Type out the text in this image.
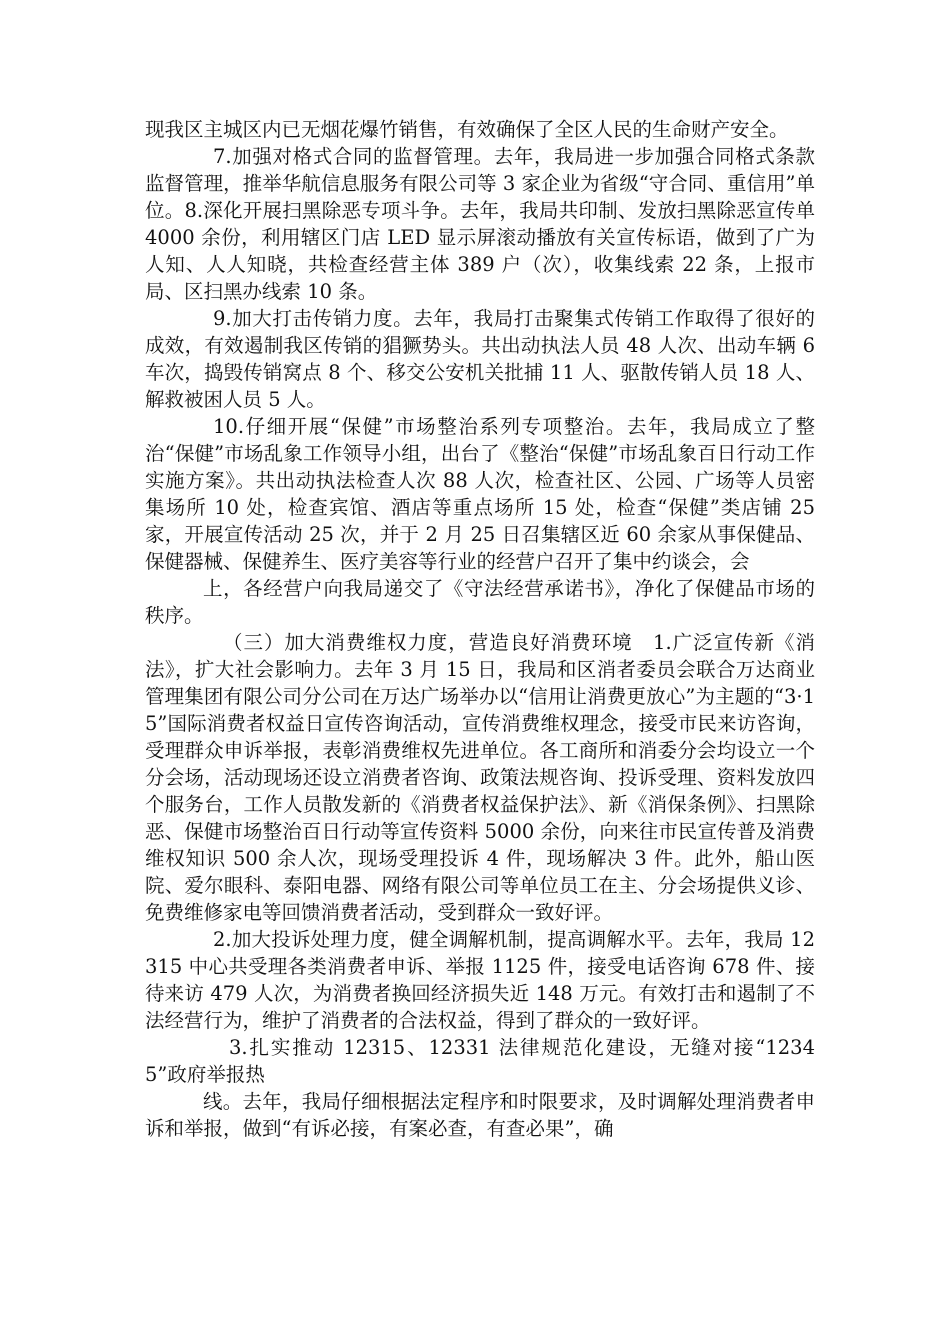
现我区主城区内已无烟花爆竹销售，有效确保了全区人民的生命财产安全。

7.加强对格式合同的监督管理。去年，我局进一步加强合同格式条款监督管理，推举华航信息服务有限公司等 3 家企业为省级“守合同、重信用”单位。8.深化开展扫黑除恶专项斗争。去年，我局共印制、发放扫黑除恶宣传单 4000 余份，利用辖区门店 LED 显示屏滚动播放有关宣传标语，做到了广为人知、人人知晓，共检查经营主体 389 户（次），收集线索 22 条，上报市局、区扫黑办线索 10 条。

9.加大打击传销力度。去年，我局打击聚集式传销工作取得了很好的成效，有效遏制我区传销的猖獗势头。共出动执法人员 48 人次、出动车辆 6 车次，捣毁传销窝点 8 个、移交公安机关批捕 11 人、驱散传销人员 18 人、解救被困人员 5 人。

10.仔细开展“保健”市场整治系列专项整治。去年，我局成立了整治“保健”市场乱象工作领导小组，出台了《整治“保健”市场乱象百日行动工作实施方案》。共出动执法检查人次 88 人次，检查社区、公园、广场等人员密集场所 10 处，检查宾馆、酒店等重点场所 15 处，检查“保健”类店铺 25 家，开展宣传活动 25 次，并于 2 月 25 日召集辖区近 60 余家从事保健品、保健器械、保健养生、医疗美容等行业的经营户召开了集中约谈会，会

上，各经营户向我局递交了《守法经营承诺书》，净化了保健品市场的秩序。

（三）加大消费维权力度，营造良好消费环境　1.广泛宣传新《消法》，扩大社会影响力。去年 3 月 15 日，我局和区消者委员会联合万达商业管理集团有限公司分公司在万达广场举办以“信用让消费更放心”为主题的“3·15”国际消费者权益日宣传咨询活动，宣传消费维权理念，接受市民来访咨询，受理群众申诉举报，表彰消费维权先进单位。各工商所和消委分会均设立一个分会场，活动现场还设立消费者咨询、政策法规咨询、投诉受理、资料发放四个服务台，工作人员散发新的《消费者权益保护法》、新《消保条例》、扫黑除恶、保健市场整治百日行动等宣传资料 5000 余份，向来往市民宣传普及消费维权知识 500 余人次，现场受理投诉 4 件，现场解决 3 件。此外，船山医院、爱尔眼科、泰阳电器、网络有限公司等单位员工在主、分会场提供义诊、免费维修家电等回馈消费者活动，受到群众一致好评。

2.加大投诉处理力度，健全调解机制，提高调解水平。去年，我局 12315 中心共受理各类消费者申诉、举报 1125 件，接受电话咨询 678 件、接待来访 479 人次，为消费者换回经济损失近 148 万元。有效打击和遏制了不法经营行为，维护了消费者的合法权益，得到了群众的一致好评。

3.扎实推动 12315、12331 法律规范化建设，无缝对接“12345”政府举报热

线。去年，我局仔细根据法定程序和时限要求，及时调解处理消费者申诉和举报，做到“有诉必接，有案必查，有查必果”，确
